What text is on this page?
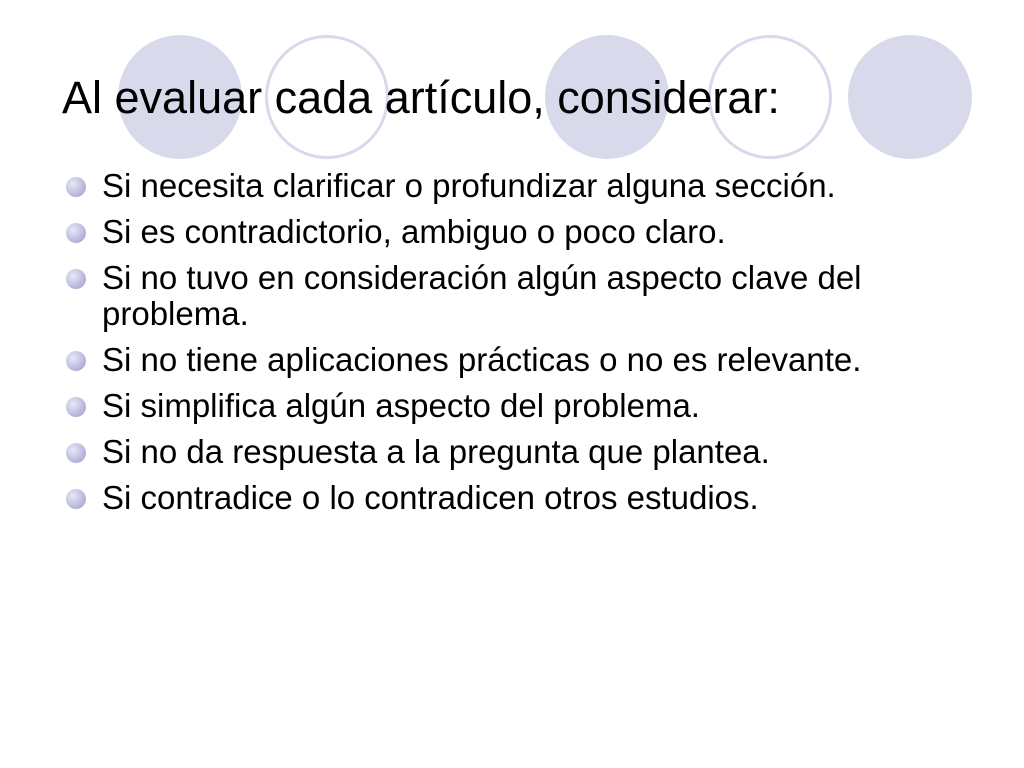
Al evaluar cada artículo, considerar:
Si necesita clarificar o profundizar alguna sección.
Si es contradictorio, ambiguo o poco claro.
Si no tuvo en consideración algún aspecto clave del problema.
Si no tiene aplicaciones prácticas o no es relevante.
Si simplifica algún aspecto del problema.
Si no da respuesta a la pregunta que plantea.
Si contradice o lo contradicen otros estudios.
